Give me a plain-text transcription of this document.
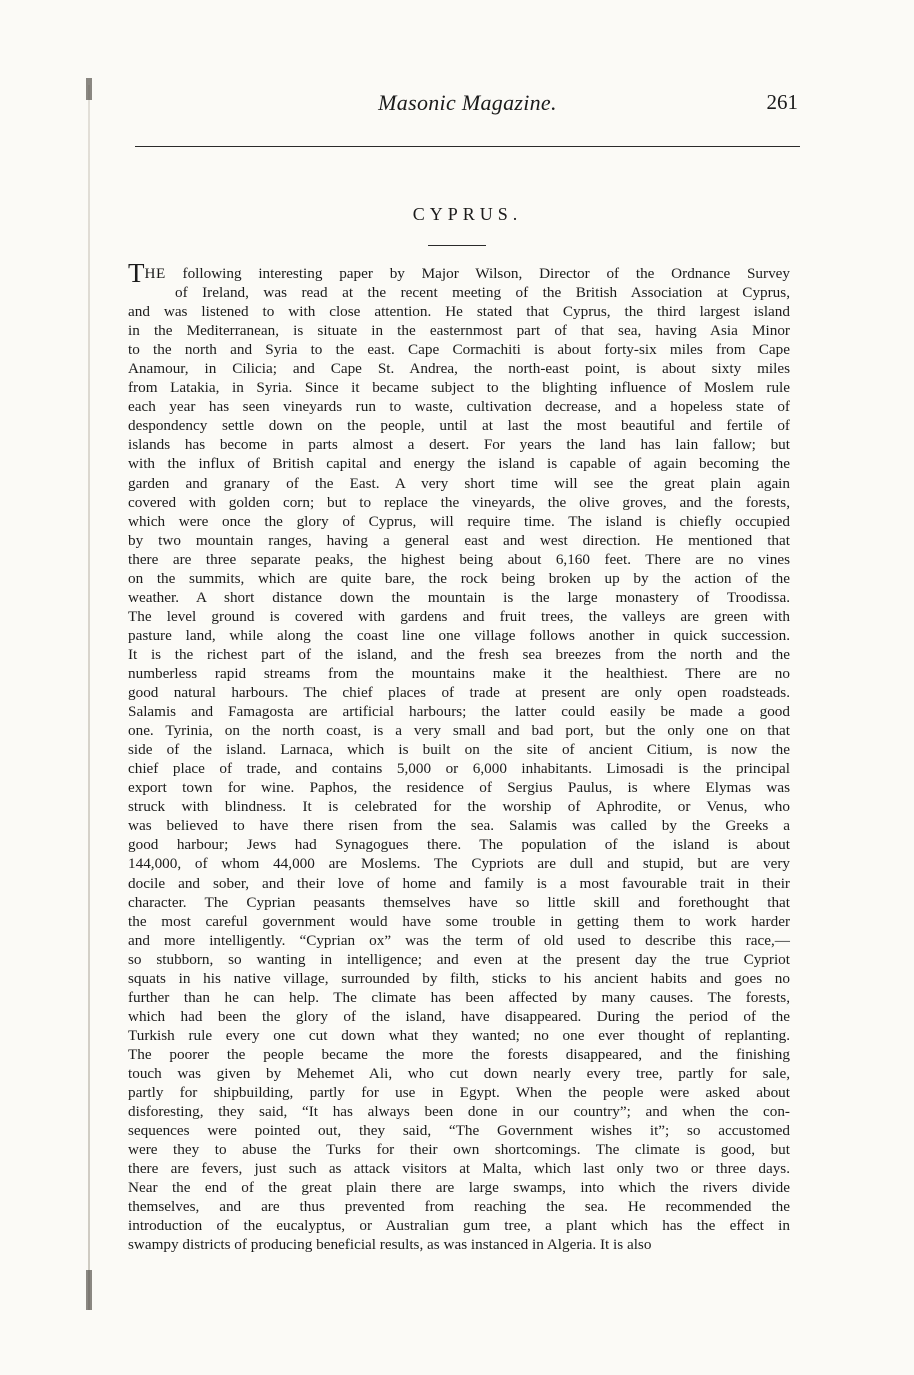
Masonic Magazine.	261
CYPRUS.
THE following interesting paper by Major Wilson, Director of the Ordnance Survey
of Ireland, was read at the recent meeting of the British Association at Cyprus,
and was listened to with close attention. He stated that Cyprus, the third largest island
in the Mediterranean, is situate in the easternmost part of that sea, having Asia Minor
to the north and Syria to the east. Cape Cormachiti is about forty-six miles from Cape
Anamour, in Cilicia; and Cape St. Andrea, the north-east point, is about sixty miles
from Latakia, in Syria. Since it became subject to the blighting influence of Moslem rule
each year has seen vineyards run to waste, cultivation decrease, and a hopeless state of
despondency settle down on the people, until at last the most beautiful and fertile of
islands has become in parts almost a desert. For years the land has lain fallow; but
with the influx of British capital and energy the island is capable of again becoming the
garden and granary of the East. A very short time will see the great plain again
covered with golden corn; but to replace the vineyards, the olive groves, and the forests,
which were once the glory of Cyprus, will require time. The island is chiefly occupied
by two mountain ranges, having a general east and west direction. He mentioned that
there are three separate peaks, the highest being about 6,160 feet. There are no vines
on the summits, which are quite bare, the rock being broken up by the action of the
weather. A short distance down the mountain is the large monastery of Troodissa.
The level ground is covered with gardens and fruit trees, the valleys are green with
pasture land, while along the coast line one village follows another in quick succession.
It is the richest part of the island, and the fresh sea breezes from the north and the
numberless rapid streams from the mountains make it the healthiest. There are no
good natural harbours. The chief places of trade at present are only open roadsteads.
Salamis and Famagosta are artificial harbours; the latter could easily be made a good
one. Tyrinia, on the north coast, is a very small and bad port, but the only one on that
side of the island. Larnaca, which is built on the site of ancient Citium, is now the
chief place of trade, and contains 5,000 or 6,000 inhabitants. Limosadi is the principal
export town for wine. Paphos, the residence of Sergius Paulus, is where Elymas was
struck with blindness. It is celebrated for the worship of Aphrodite, or Venus, who
was believed to have there risen from the sea. Salamis was called by the Greeks a
good harbour; Jews had Synagogues there. The population of the island is about
144,000, of whom 44,000 are Moslems. The Cypriots are dull and stupid, but are very
docile and sober, and their love of home and family is a most favourable trait in their
character. The Cyprian peasants themselves have so little skill and forethought that
the most careful government would have some trouble in getting them to work harder
and more intelligently. “Cyprian ox” was the term of old used to describe this race,—
so stubborn, so wanting in intelligence; and even at the present day the true Cypriot
squats in his native village, surrounded by filth, sticks to his ancient habits and goes no
further than he can help. The climate has been affected by many causes. The forests,
which had been the glory of the island, have disappeared. During the period of the
Turkish rule every one cut down what they wanted; no one ever thought of replanting.
The poorer the people became the more the forests disappeared, and the finishing
touch was given by Mehemet Ali, who cut down nearly every tree, partly for sale,
partly for shipbuilding, partly for use in Egypt. When the people were asked about
disforesting, they said, “It has always been done in our country”; and when the con-
sequences were pointed out, they said, “The Government wishes it”; so accustomed
were they to abuse the Turks for their own shortcomings. The climate is good, but
there are fevers, just such as attack visitors at Malta, which last only two or three days.
Near the end of the great plain there are large swamps, into which the rivers divide
themselves, and are thus prevented from reaching the sea. He recommended the
introduction of the eucalyptus, or Australian gum tree, a plant which has the effect in
swampy districts of producing beneficial results, as was instanced in Algeria. It is also
